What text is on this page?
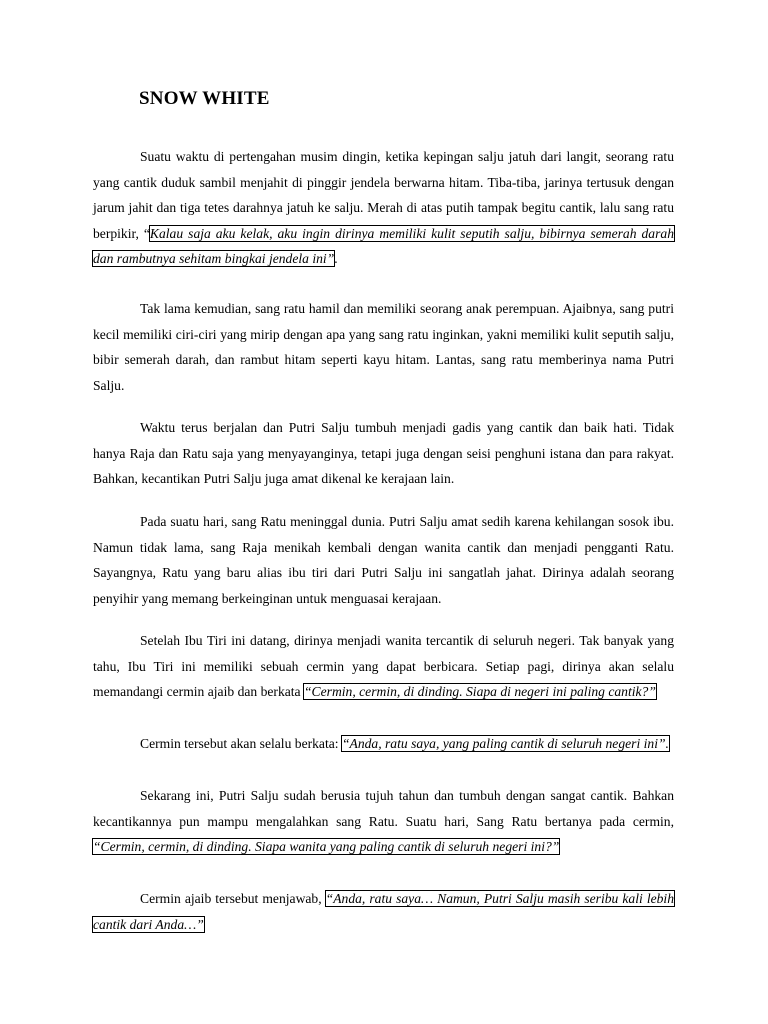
SNOW WHITE

Suatu waktu di pertengahan musim dingin, ketika kepingan salju jatuh dari langit, seorang ratu yang cantik duduk sambil menjahit di pinggir jendela berwarna hitam. Tiba-tiba, jarinya tertusuk dengan jarum jahit dan tiga tetes darahnya jatuh ke salju. Merah di atas putih tampak begitu cantik, lalu sang ratu berpikir, “Kalau saja aku kelak, aku ingin dirinya memiliki kulit seputih salju, bibirnya semerah darah dan rambutnya sehitam bingkai jendela ini”.

Tak lama kemudian, sang ratu hamil dan memiliki seorang anak perempuan. Ajaibnya, sang putri kecil memiliki ciri-ciri yang mirip dengan apa yang sang ratu inginkan, yakni memiliki kulit seputih salju, bibir semerah darah, dan rambut hitam seperti kayu hitam. Lantas, sang ratu memberinya nama Putri Salju.

Waktu terus berjalan dan Putri Salju tumbuh menjadi gadis yang cantik dan baik hati. Tidak hanya Raja dan Ratu saja yang menyayanginya, tetapi juga dengan seisi penghuni istana dan para rakyat. Bahkan, kecantikan Putri Salju juga amat dikenal ke kerajaan lain.

Pada suatu hari, sang Ratu meninggal dunia. Putri Salju amat sedih karena kehilangan sosok ibu. Namun tidak lama, sang Raja menikah kembali dengan wanita cantik dan menjadi pengganti Ratu. Sayangnya, Ratu yang baru alias ibu tiri dari Putri Salju ini sangatlah jahat. Dirinya adalah seorang penyihir yang memang berkeinginan untuk menguasai kerajaan.

Setelah Ibu Tiri ini datang, dirinya menjadi wanita tercantik di seluruh negeri. Tak banyak yang tahu, Ibu Tiri ini memiliki sebuah cermin yang dapat berbicara. Setiap pagi, dirinya akan selalu memandangi cermin ajaib dan berkata “Cermin, cermin, di dinding. Siapa di negeri ini paling cantik?”

Cermin tersebut akan selalu berkata: “Anda, ratu saya, yang paling cantik di seluruh negeri ini”.

Sekarang ini, Putri Salju sudah berusia tujuh tahun dan tumbuh dengan sangat cantik. Bahkan kecantikannya pun mampu mengalahkan sang Ratu. Suatu hari, Sang Ratu bertanya pada cermin, “Cermin, cermin, di dinding. Siapa wanita yang paling cantik di seluruh negeri ini?”

Cermin ajaib tersebut menjawab, “Anda, ratu saya… Namun, Putri Salju masih seribu kali lebih cantik dari Anda…”
